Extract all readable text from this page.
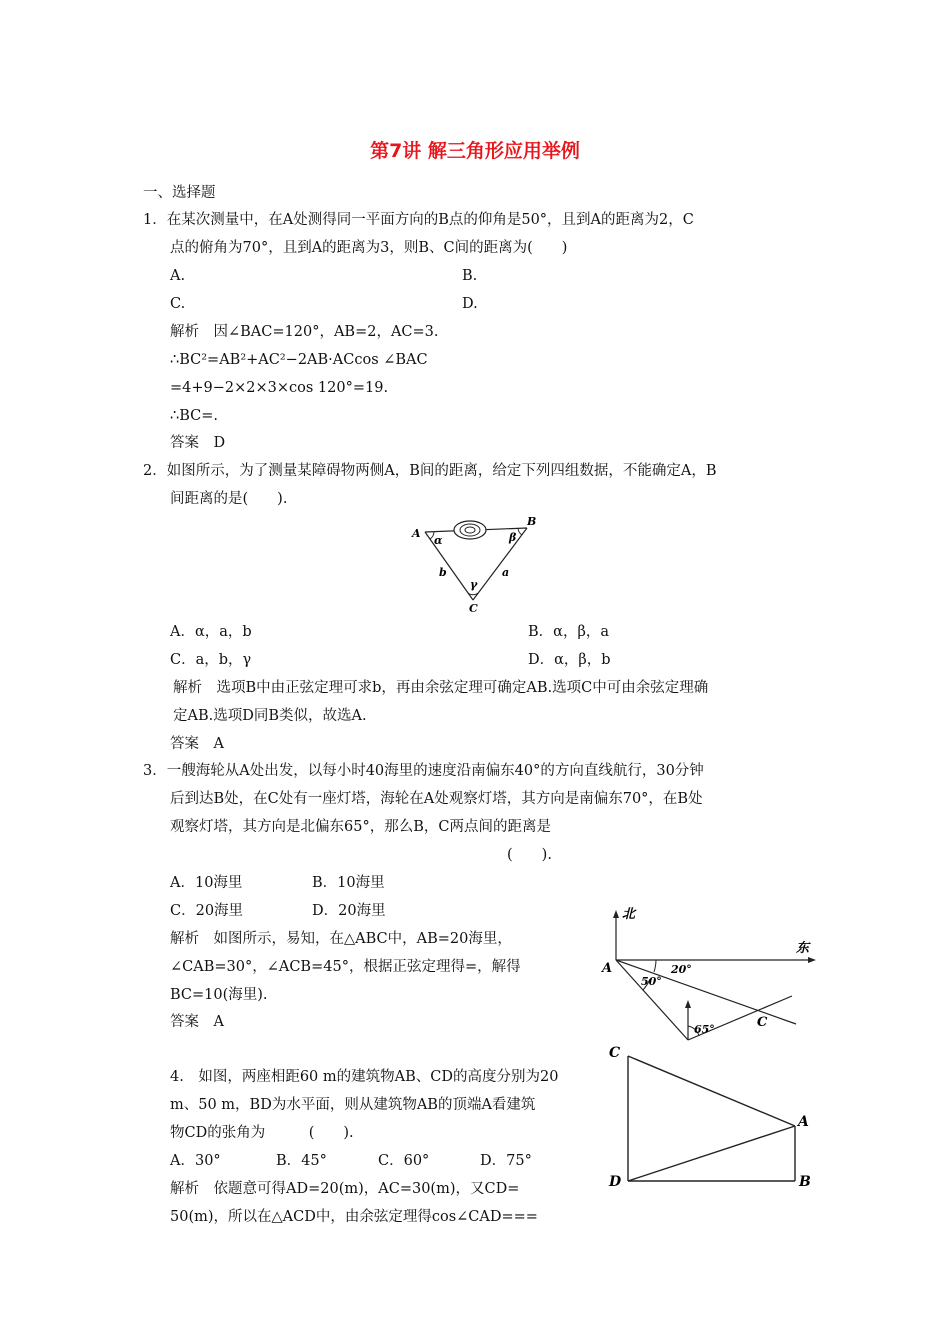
第7讲 解三角形应用举例
一、选择题
1．在某次测量中，在A处测得同一平面方向的B点的仰角是50°，且到A的距离为2，C
点的俯角为70°，且到A的距离为3，则B、C间的距离为(　　)
A.	B.
C.	D.
解析　因∠BAC=120°，AB=2，AC=3.
∴BC²=AB²+AC²−2AB·ACcos ∠BAC
=4+9−2×2×3×cos 120°=19.
∴BC=.
答案　D
2．如图所示，为了测量某障碍物两侧A，B间的距离，给定下列四组数据，不能确定A，B
间距离的是(　　).
A
B
C
α	β
γ
b	a
A．α，a，b	B．α，β，a
C．a，b，γ	D．α，β，b
解析　选项B中由正弦定理可求b，再由余弦定理可确定AB.选项C中可由余弦定理确
定AB.选项D同B类似，故选A.
答案　A
3．一艘海轮从A处出发，以每小时40海里的速度沿南偏东40°的方向直线航行，30分钟
后到达B处，在C处有一座灯塔，海轮在A处观察灯塔，其方向是南偏东70°，在B处
观察灯塔，其方向是北偏东65°，那么B，C两点间的距离是
(　　).
A．10海里	B．10海里
C．20海里	D．20海里
解析　如图所示，易知，在△ABC中，AB=20海里，
∠CAB=30°，∠ACB=45°，根据正弦定理得=，解得
BC=10(海里).
答案　A
北
东
A
C
20°
50°
65°
4.　如图，两座相距60 m的建筑物AB、CD的高度分别为20
m、50 m，BD为水平面，则从建筑物AB的顶端A看建筑
物CD的张角为　　　(　　).
A．30°	B．45°	C．60°	D．75°
解析　依题意可得AD=20(m)，AC=30(m)，又CD=
50(m)，所以在△ACD中，由余弦定理得cos∠CAD===
C
D
A
B
